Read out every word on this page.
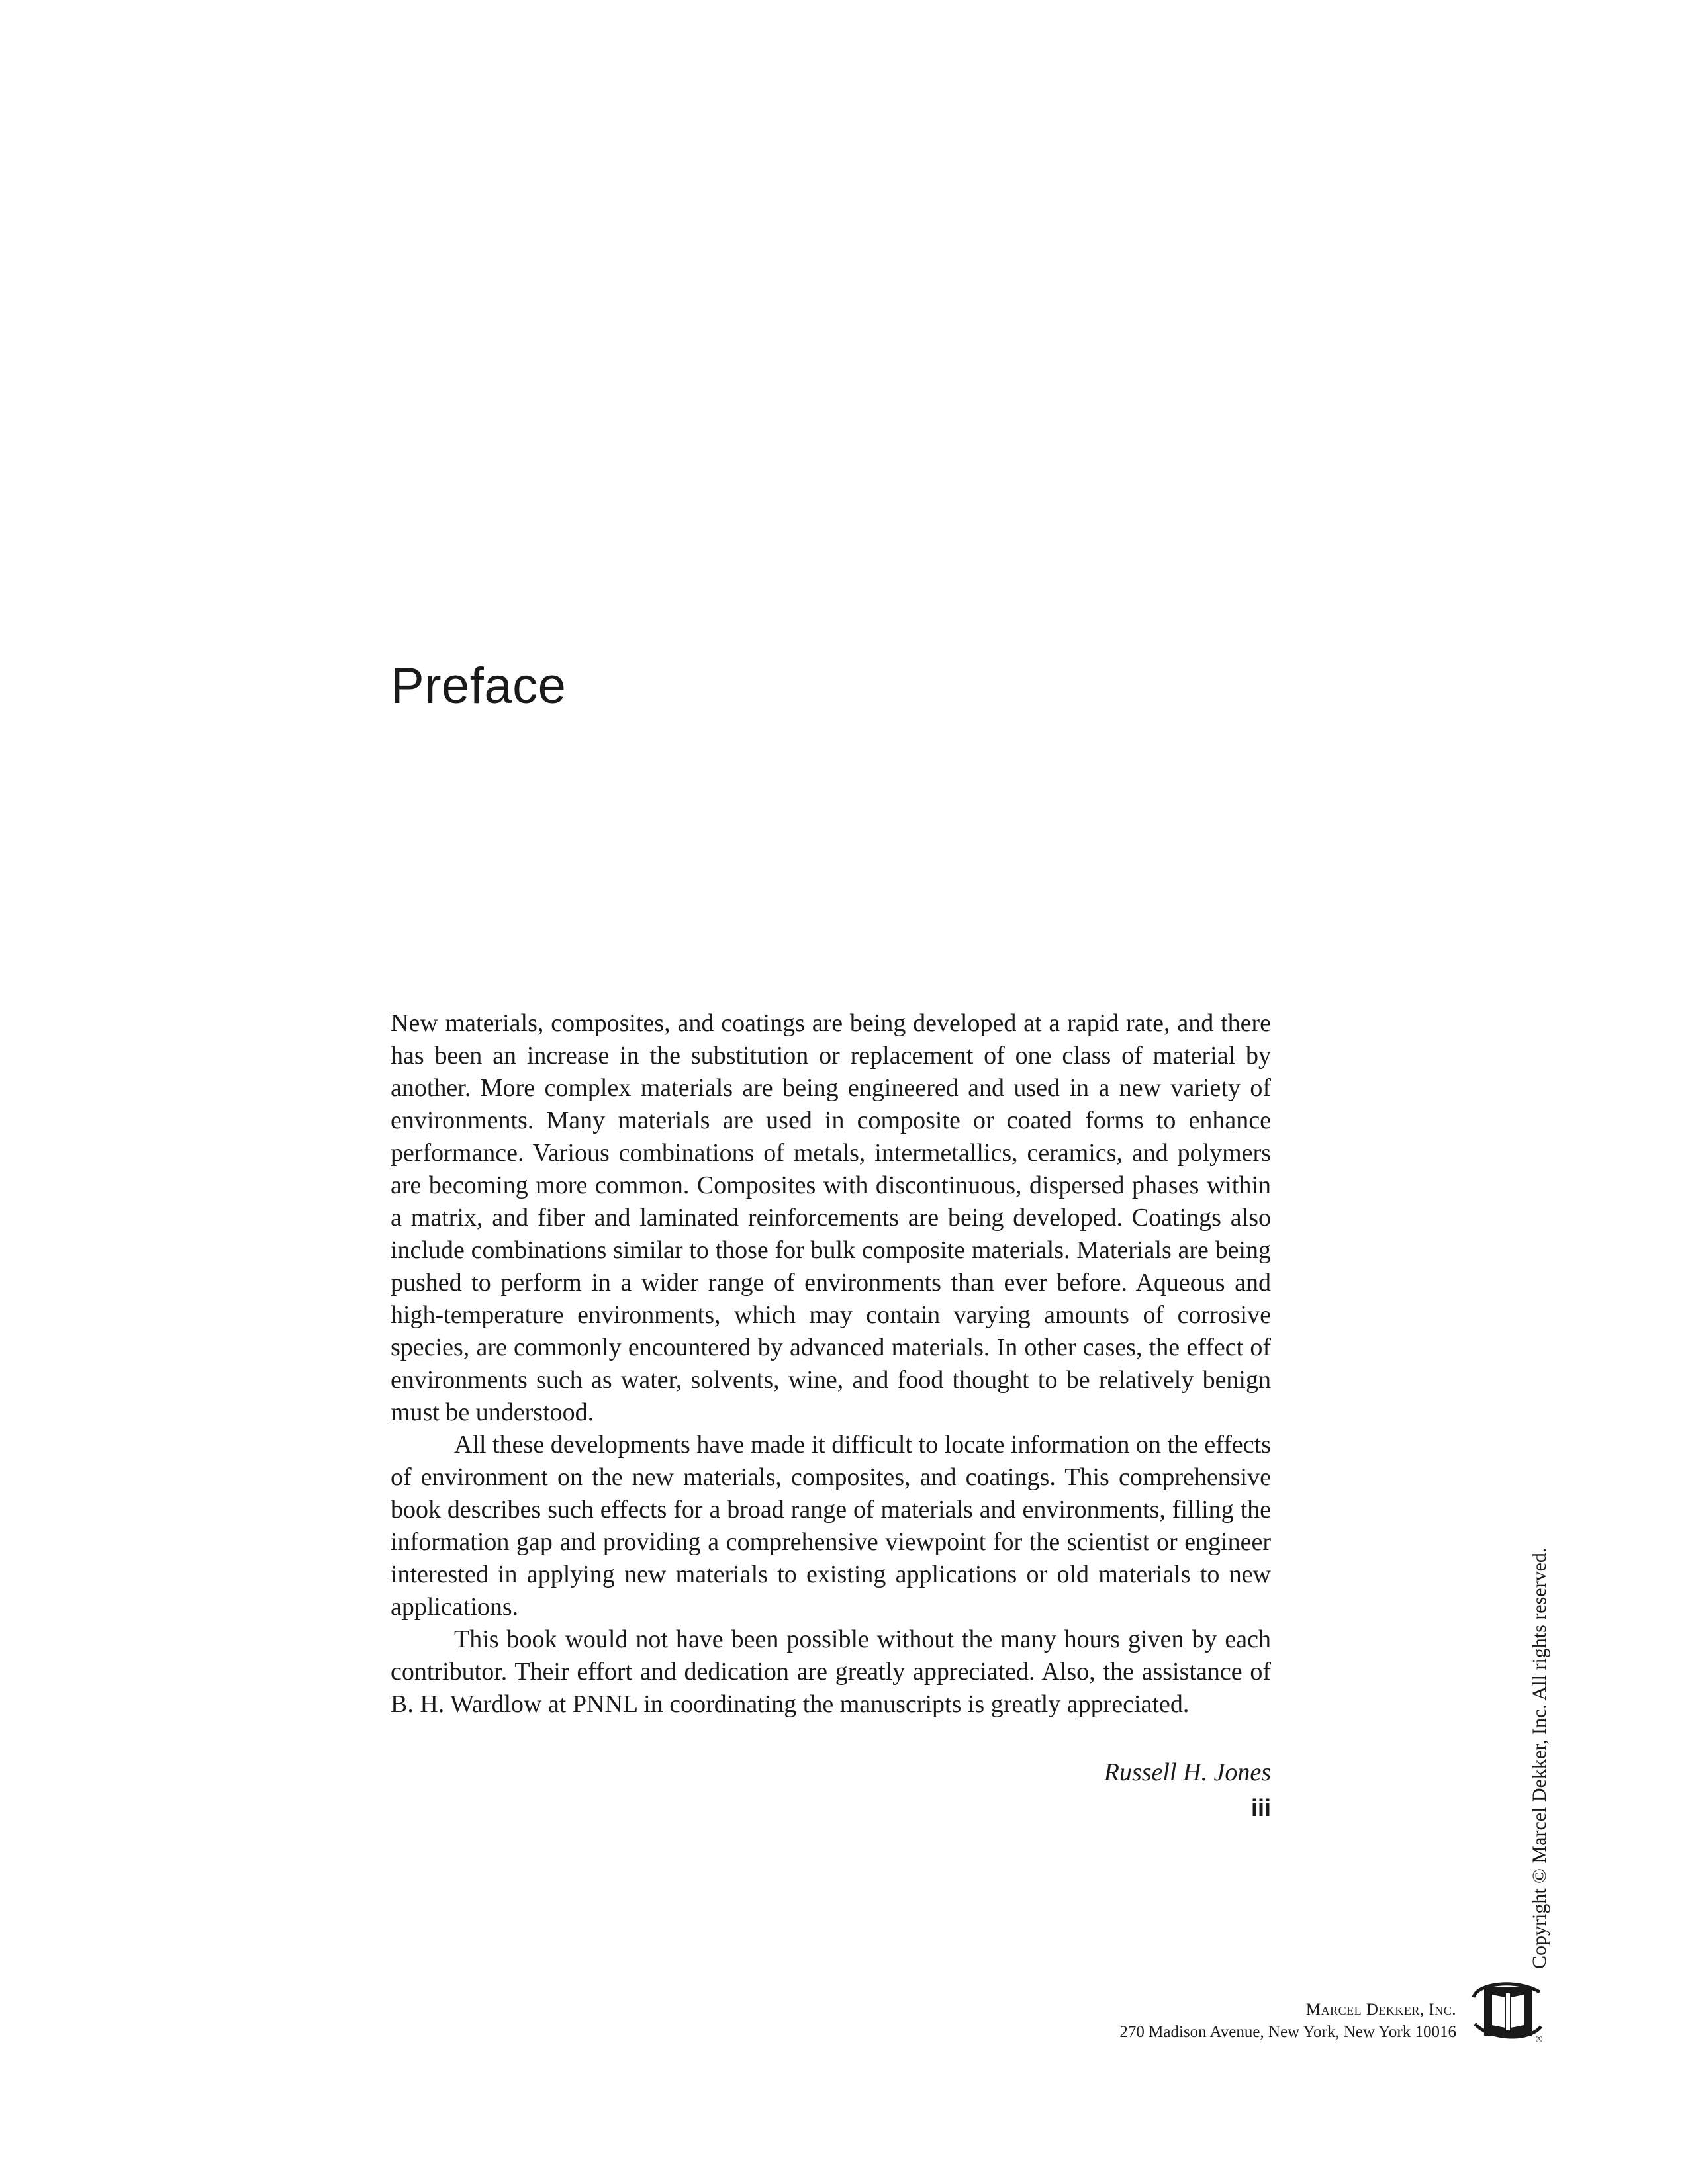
Preface

New materials, composites, and coatings are being developed at a rapid rate, and there has been an increase in the substitution or replacement of one class of material by another. More complex materials are being engineered and used in a new variety of environments. Many materials are used in composite or coated forms to enhance performance. Various combinations of metals, intermetallics, ceramics, and polymers are becoming more common. Composites with discontinuous, dispersed phases within a matrix, and fiber and laminated reinforcements are being developed. Coatings also include combinations similar to those for bulk composite materials. Materials are being pushed to perform in a wider range of environments than ever before. Aqueous and high-temperature environments, which may contain varying amounts of corrosive species, are commonly encountered by advanced materials. In other cases, the effect of environments such as water, solvents, wine, and food thought to be relatively benign must be understood.

All these developments have made it difficult to locate information on the effects of environment on the new materials, composites, and coatings. This comprehensive book describes such effects for a broad range of materials and environments, filling the information gap and providing a comprehensive viewpoint for the scientist or engineer interested in applying new materials to existing applications or old materials to new applications.

This book would not have been possible without the many hours given by each contributor. Their effort and dedication are greatly appreciated. Also, the assistance of B. H. Wardlow at PNNL in coordinating the manuscripts is greatly appreciated.

Russell H. Jones
iii	Copyright © Marcel Dekker, Inc. All rights reserved.
Marcel Dekker, Inc.
270 Madison Avenue, New York, New York 10016	®
